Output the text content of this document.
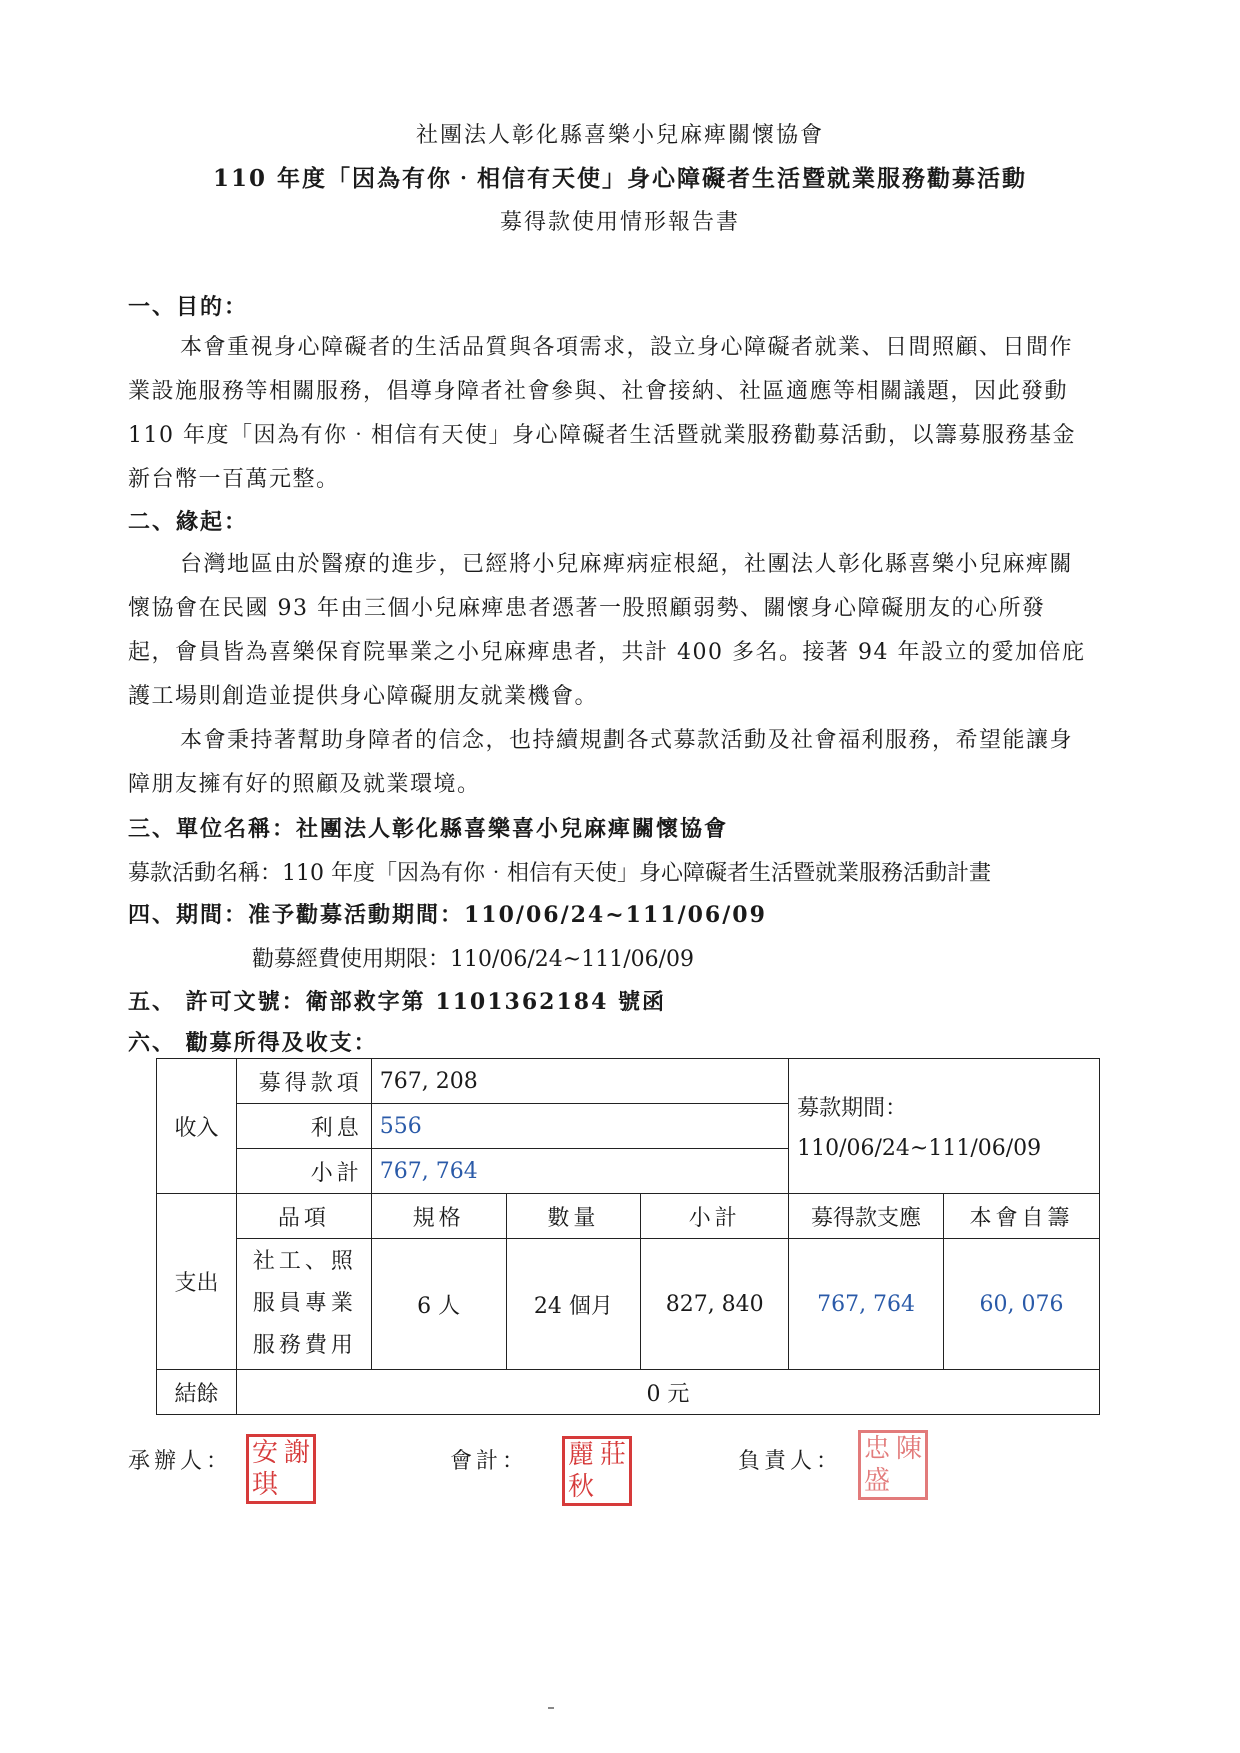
社團法人彰化縣喜樂小兒麻痺關懷協會
110 年度「因為有你‧相信有天使」身心障礙者生活暨就業服務勸募活動
募得款使用情形報告書
一、目的：
本會重視身心障礙者的生活品質與各項需求，設立身心障礙者就業、日間照顧、日間作
業設施服務等相關服務，倡導身障者社會參與、社會接納、社區適應等相關議題，因此發動
110 年度「因為有你‧相信有天使」身心障礙者生活暨就業服務勸募活動，以籌募服務基金
新台幣一百萬元整。
二、緣起：
台灣地區由於醫療的進步，已經將小兒麻痺病症根絕，社團法人彰化縣喜樂小兒麻痺關
懷協會在民國 93 年由三個小兒麻痺患者憑著一股照顧弱勢、關懷身心障礙朋友的心所發
起，會員皆為喜樂保育院畢業之小兒麻痺患者，共計 400 多名。接著 94 年設立的愛加倍庇
護工場則創造並提供身心障礙朋友就業機會。
本會秉持著幫助身障者的信念，也持續規劃各式募款活動及社會福利服務，希望能讓身
障朋友擁有好的照顧及就業環境。
三、單位名稱：社團法人彰化縣喜樂喜小兒麻痺關懷協會
募款活動名稱：110 年度「因為有你‧相信有天使」身心障礙者生活暨就業服務活動計畫
四、期間：准予勸募活動期間：110/06/24~111/06/09
勸募經費使用期限：110/06/24~111/06/09
五、 許可文號：衛部救字第 1101362184 號函
六、 勸募所得及收支：
收入	募得款項	767, 208			募款期間：
110/06/24~111/06/09	

	利息	556				
	小計	767, 764				
支出	品項	規格	數量	小計	募得款支應	本會自籌

	社工、照
服員專業
服務費用	6 人	24 個月	827, 840	767, 764	60, 076
結餘	0 元					
承辦人： 安 謝
琪
會計： 麗 莊
秋
負責人： 忠 陳
盛
